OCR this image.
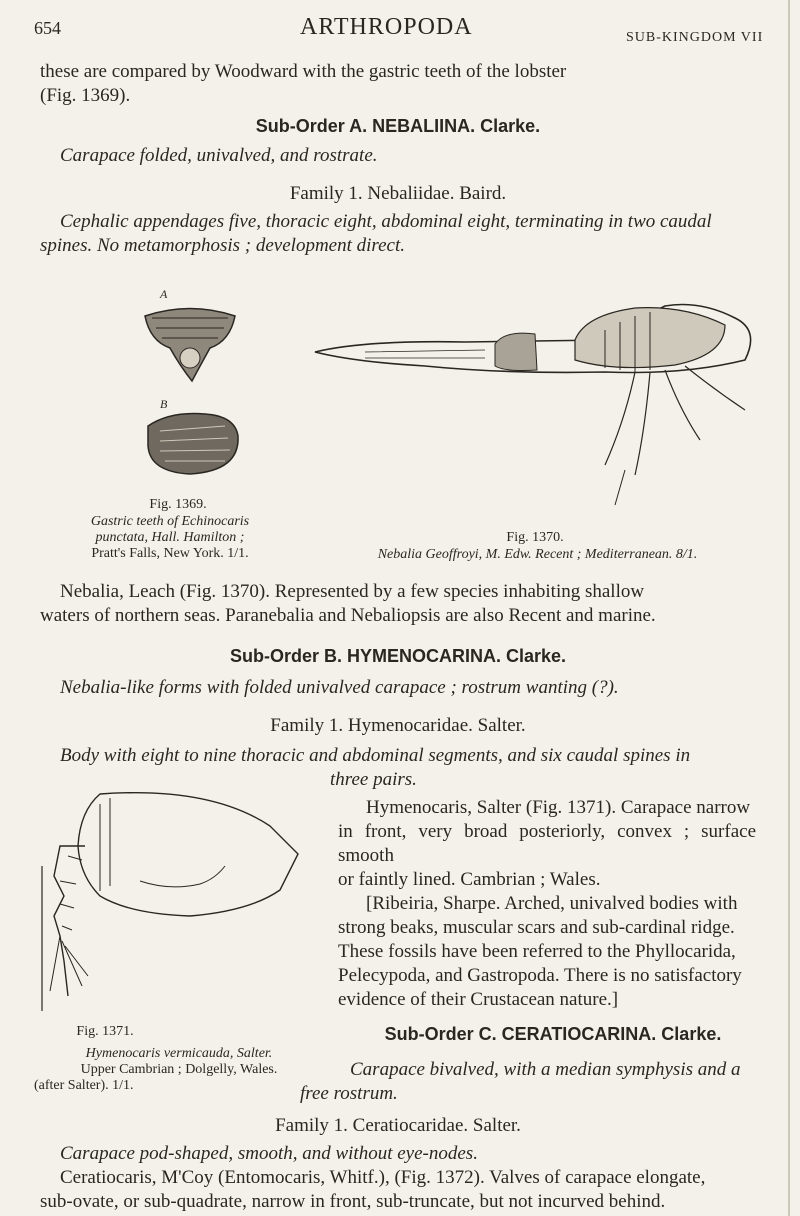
654	ARTHROPODA	SUB-KINGDOM VII
these are compared by Woodward with the gastric teeth of the lobster
(Fig. 1369).
Sub-Order A. NEBALIINA. Clarke.
Carapace folded, univalved, and rostrate.
Family 1. Nebaliidae. Baird.
Cephalic appendages five, thoracic eight, abdominal eight, terminating in two caudal
spines. No metamorphosis ; development direct.
A
B
Fig. 1369.
Gastric teeth of Echinocaris
punctata, Hall. Hamilton ;
Pratt's Falls, New York. 1/1.
Fig. 1370.
Nebalia Geoffroyi, M. Edw. Recent ; Mediterranean. 8/1.
Nebalia, Leach (Fig. 1370). Represented by a few species inhabiting shallow
waters of northern seas. Paranebalia and Nebaliopsis are also Recent and marine.
Sub-Order B. HYMENOCARINA. Clarke.
Nebalia-like forms with folded univalved carapace ; rostrum wanting (?).
Family 1. Hymenocaridae. Salter.
Body with eight to nine thoracic and abdominal segments, and six caudal spines in
three pairs.
Fig. 1371.
Hymenocaris vermicauda, Salter.
Upper Cambrian ; Dolgelly, Wales.
(after Salter). 1/1.
Hymenocaris, Salter (Fig. 1371). Carapace narrow
in front, very broad posteriorly, convex ; surface smooth
or faintly lined. Cambrian ; Wales.
[Ribeiria, Sharpe. Arched, univalved bodies with
strong beaks, muscular scars and sub-cardinal ridge.
These fossils have been referred to the Phyllocarida,
Pelecypoda, and Gastropoda. There is no satisfactory
evidence of their Crustacean nature.]
Sub-Order C. CERATIOCARINA. Clarke.
Carapace bivalved, with a median symphysis and a
free rostrum.
Family 1. Ceratiocaridae. Salter.
Carapace pod-shaped, smooth, and without eye-nodes.
Ceratiocaris, M'Coy (Entomocaris, Whitf.), (Fig. 1372). Valves of carapace elongate,
sub-ovate, or sub-quadrate, narrow in front, sub-truncate, but not incurved behind.
